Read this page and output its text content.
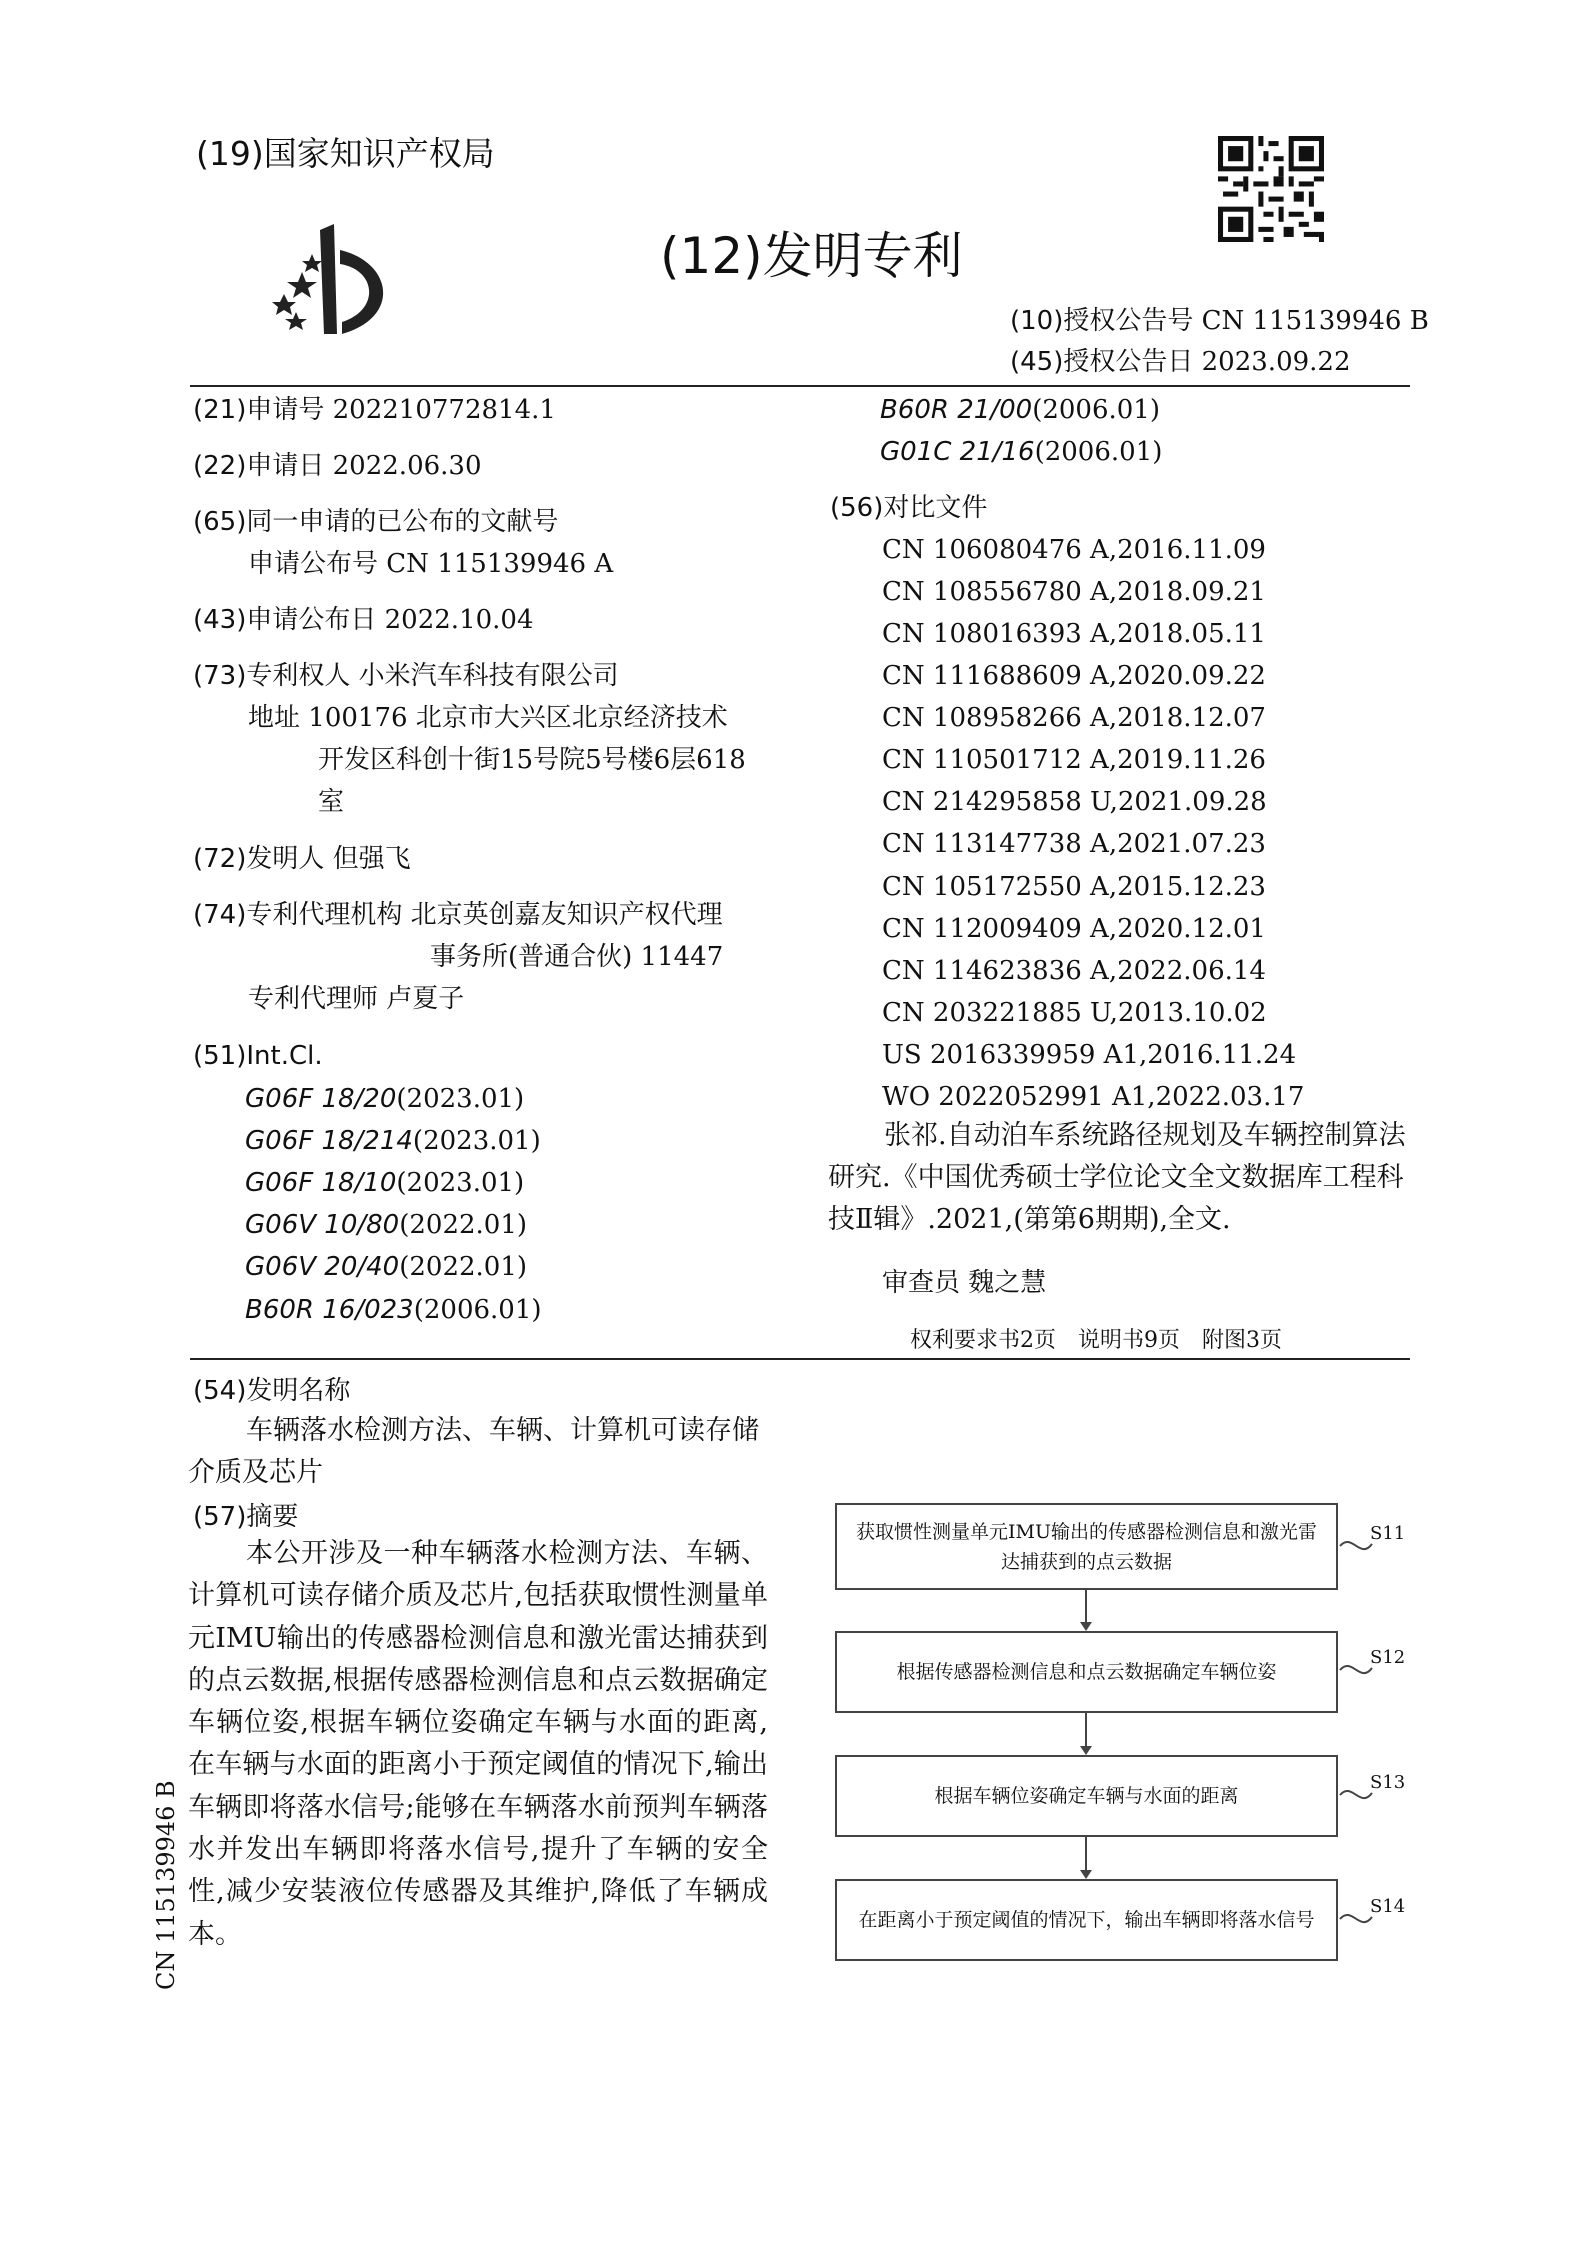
(19)国家知识产权局
(12)发明专利
(10)授权公告号 CN 115139946 B
(45)授权公告日 2023.09.22
(21)申请号 202210772814.1
(22)申请日 2022.06.30
(65)同一申请的已公布的文献号
申请公布号 CN 115139946 A
(43)申请公布日 2022.10.04
(73)专利权人 小米汽车科技有限公司
地址 100176 北京市大兴区北京经济技术
开发区科创十街15号院5号楼6层618
室
(72)发明人 但强飞
(74)专利代理机构 北京英创嘉友知识产权代理
事务所(普通合伙) 11447
专利代理师 卢夏子
(51)Int.Cl.
G06F 18/20(2023.01)
G06F 18/214(2023.01)
G06F 18/10(2023.01)
G06V 10/80(2022.01)
G06V 20/40(2022.01)
B60R 16/023(2006.01)
B60R 21/00(2006.01)
G01C 21/16(2006.01)
(56)对比文件
CN 106080476 A,2016.11.09
CN 108556780 A,2018.09.21
CN 108016393 A,2018.05.11
CN 111688609 A,2020.09.22
CN 108958266 A,2018.12.07
CN 110501712 A,2019.11.26
CN 214295858 U,2021.09.28
CN 113147738 A,2021.07.23
CN 105172550 A,2015.12.23
CN 112009409 A,2020.12.01
CN 114623836 A,2022.06.14
CN 203221885 U,2013.10.02
US 2016339959 A1,2016.11.24
WO 2022052991 A1,2022.03.17
张祁.自动泊车系统路径规划及车辆控制算法研究.《中国优秀硕士学位论文全文数据库工程科技Ⅱ辑》.2021,(第第6期期),全文.
审查员 魏之慧
权利要求书2页　说明书9页　附图3页
(54)发明名称
车辆落水检测方法、车辆、计算机可读存储介质及芯片
(57)摘要
本公开涉及一种车辆落水检测方法、车辆、计算机可读存储介质及芯片,包括获取惯性测量单元IMU输出的传感器检测信息和激光雷达捕获到的点云数据,根据传感器检测信息和点云数据确定车辆位姿,根据车辆位姿确定车辆与水面的距离,在车辆与水面的距离小于预定阈值的情况下,输出车辆即将落水信号;能够在车辆落水前预判车辆落水并发出车辆即将落水信号,提升了车辆的安全性,减少安装液位传感器及其维护,降低了车辆成本。
获取惯性测量单元IMU输出的传感器检测信息和激光雷达捕获到的点云数据
根据传感器检测信息和点云数据确定车辆位姿
根据车辆位姿确定车辆与水面的距离
在距离小于预定阈值的情况下，输出车辆即将落水信号
S11
S12
S13
S14
CN 115139946 B
